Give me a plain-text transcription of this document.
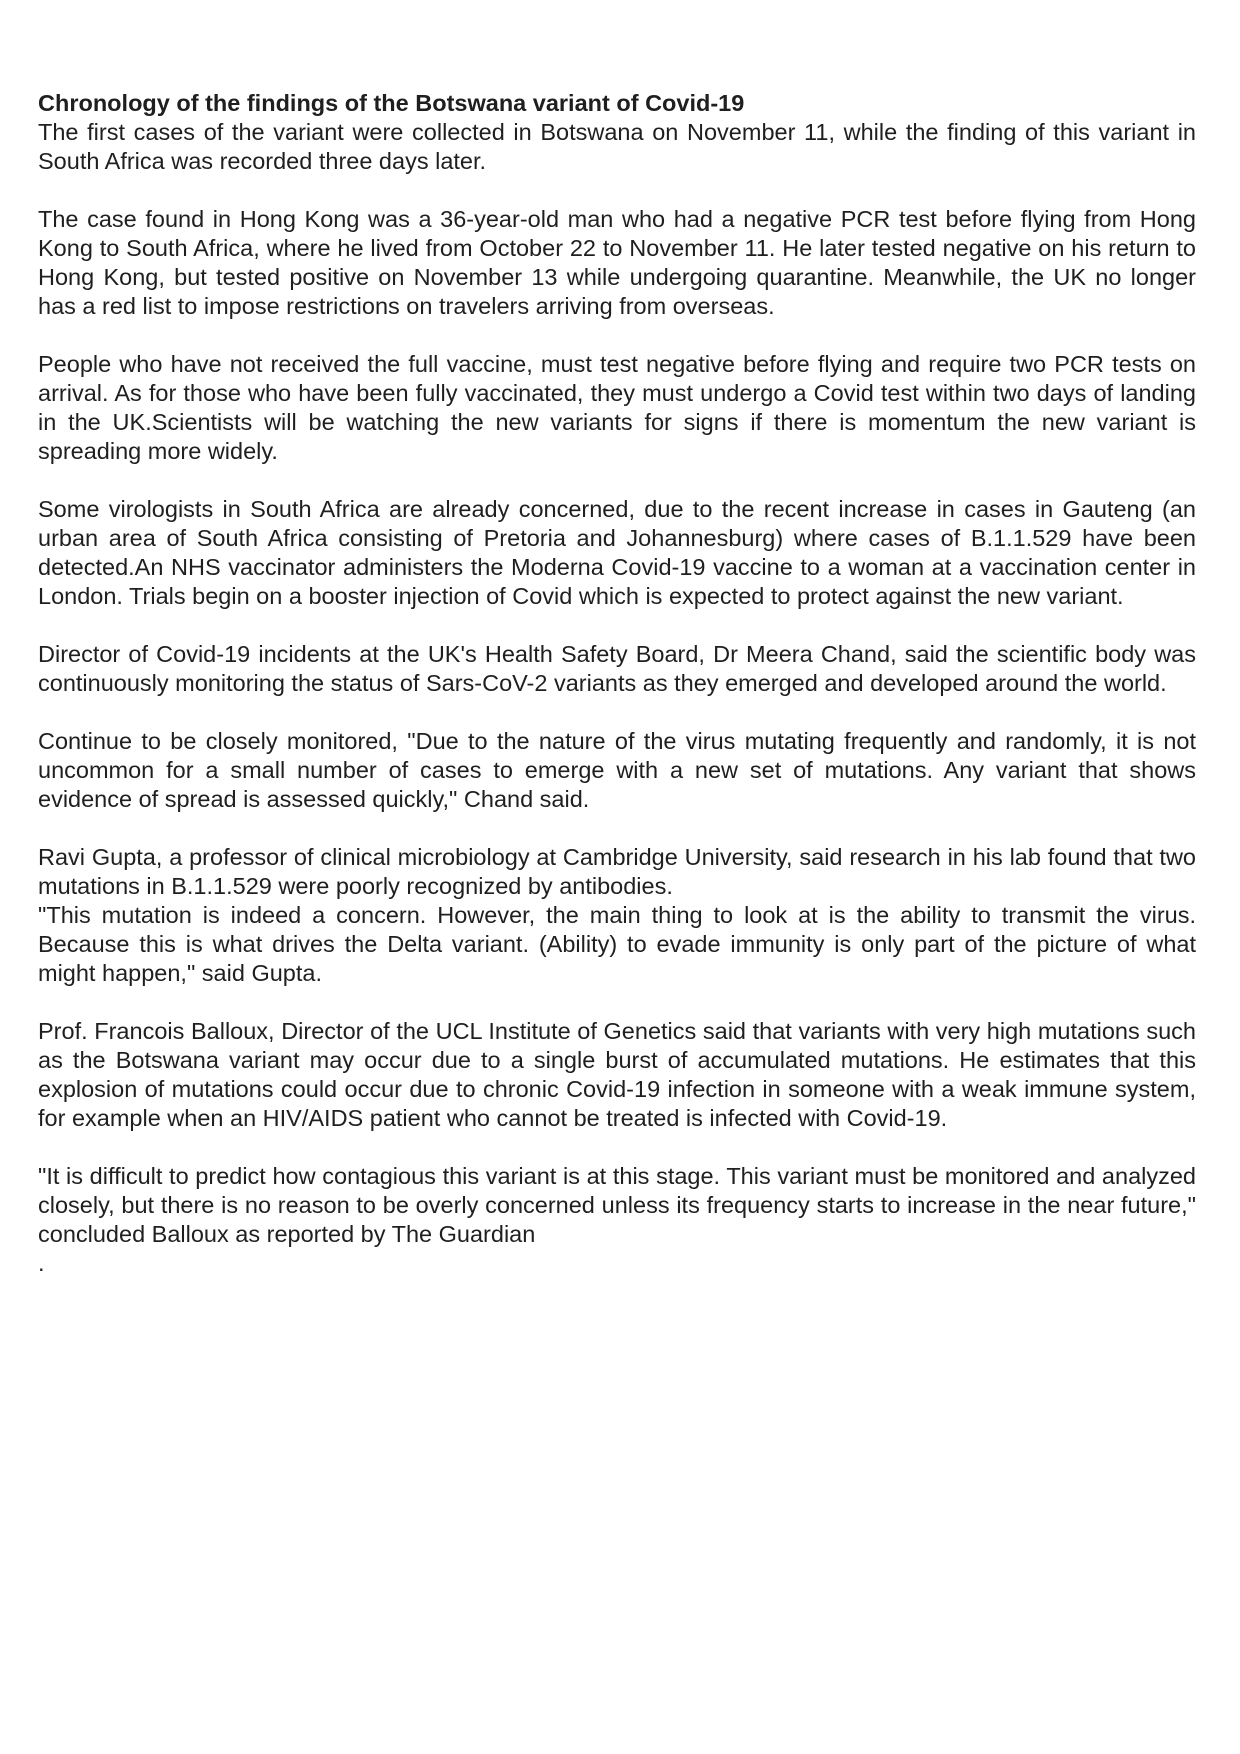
Chronology of the findings of the Botswana variant of Covid-19

The first cases of the variant were collected in Botswana on November 11, while the finding of this variant in South Africa was recorded three days later.

The case found in Hong Kong was a 36-year-old man who had a negative PCR test before flying from Hong Kong to South Africa, where he lived from October 22 to November 11. He later tested negative on his return to Hong Kong, but tested positive on November 13 while undergoing quarantine. Meanwhile, the UK no longer has a red list to impose restrictions on travelers arriving from overseas.

People who have not received the full vaccine, must test negative before flying and require two PCR tests on arrival. As for those who have been fully vaccinated, they must undergo a Covid test within two days of landing in the UK.Scientists will be watching the new variants for signs if there is momentum the new variant is spreading more widely.

Some virologists in South Africa are already concerned, due to the recent increase in cases in Gauteng (an urban area of South Africa consisting of Pretoria and Johannesburg) where cases of B.1.1.529 have been detected.An NHS vaccinator administers the Moderna Covid-19 vaccine to a woman at a vaccination center in London. Trials begin on a booster injection of Covid which is expected to protect against the new variant.

Director of Covid-19 incidents at the UK's Health Safety Board, Dr Meera Chand, said the scientific body was continuously monitoring the status of Sars-CoV-2 variants as they emerged and developed around the world.

Continue to be closely monitored, "Due to the nature of the virus mutating frequently and randomly, it is not uncommon for a small number of cases to emerge with a new set of mutations. Any variant that shows evidence of spread is assessed quickly," Chand said.

Ravi Gupta, a professor of clinical microbiology at Cambridge University, said research in his lab found that two mutations in B.1.1.529 were poorly recognized by antibodies.

"This mutation is indeed a concern. However, the main thing to look at is the ability to transmit the virus. Because this is what drives the Delta variant. (Ability) to evade immunity is only part of the picture of what might happen," said Gupta.

Prof. Francois Balloux, Director of the UCL Institute of Genetics said that variants with very high mutations such as the Botswana variant may occur due to a single burst of accumulated mutations. He estimates that this explosion of mutations could occur due to chronic Covid-19 infection in someone with a weak immune system, for example when an HIV/AIDS patient who cannot be treated is infected with Covid-19.

"It is difficult to predict how contagious this variant is at this stage. This variant must be monitored and analyzed closely, but there is no reason to be overly concerned unless its frequency starts to increase in the near future," concluded Balloux as reported by The Guardian

.
